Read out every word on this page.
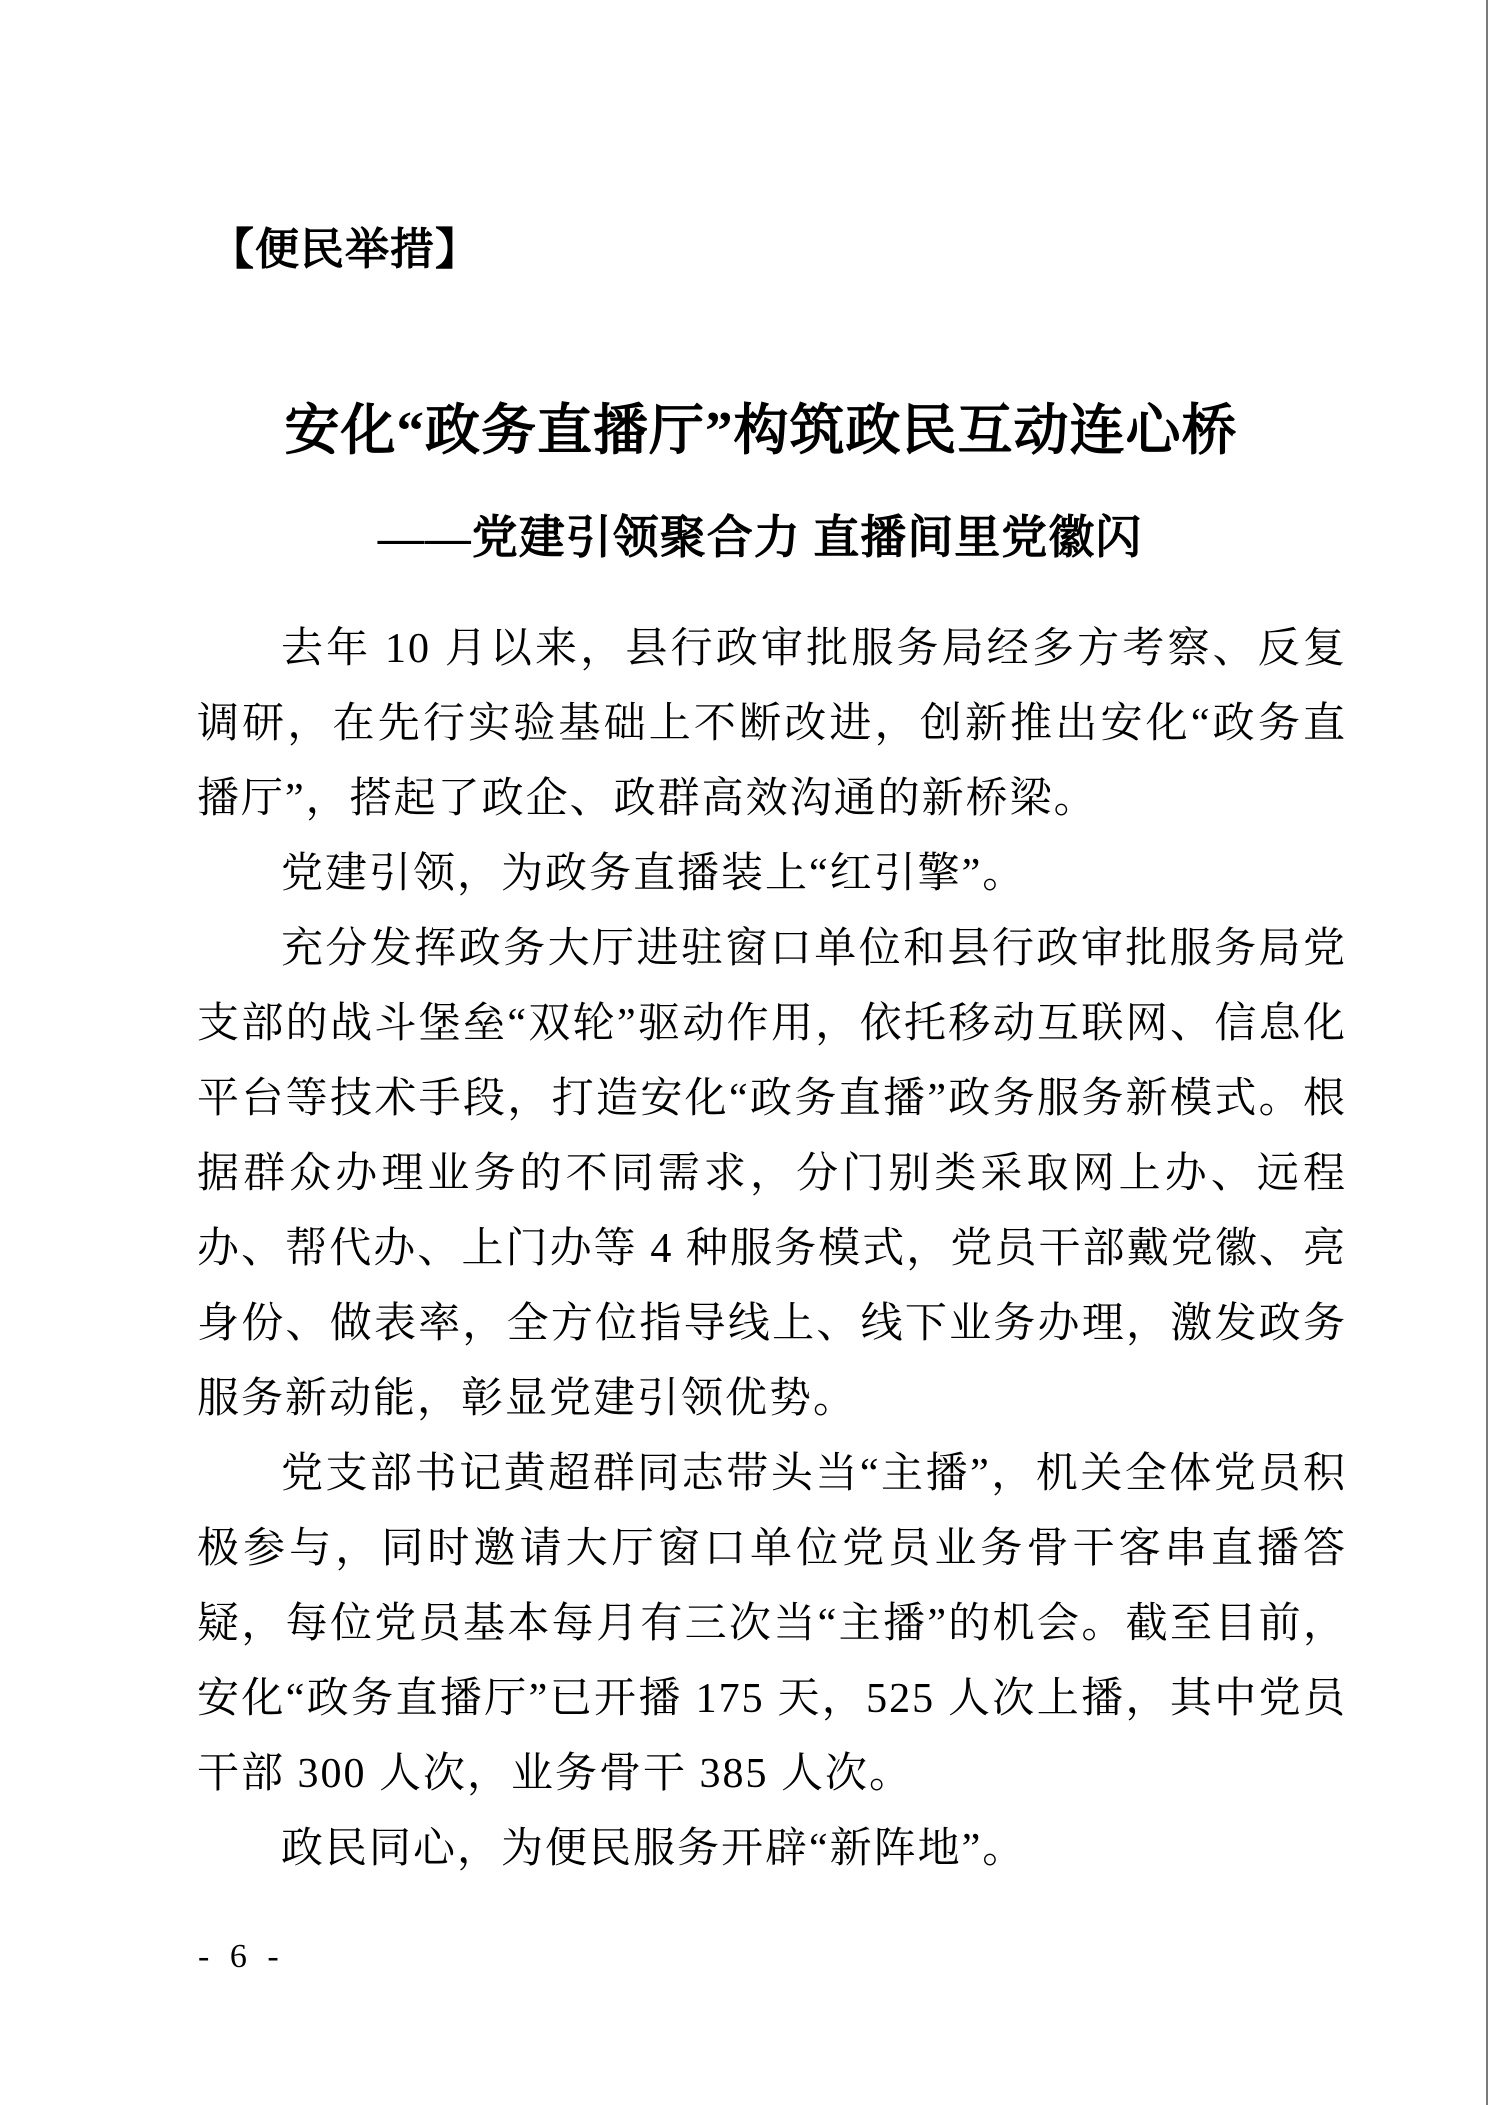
【便民举措】
安化“政务直播厅”构筑政民互动连心桥
——党建引领聚合力 直播间里党徽闪

去年 10 月以来，县行政审批服务局经多方考察、反复调研，在先行实验基础上不断改进，创新推出安化“政务直播厅”，搭起了政企、政群高效沟通的新桥梁。

党建引领，为政务直播装上“红引擎”。

充分发挥政务大厅进驻窗口单位和县行政审批服务局党支部的战斗堡垒“双轮”驱动作用，依托移动互联网、信息化平台等技术手段，打造安化“政务直播”政务服务新模式。根据群众办理业务的不同需求，分门别类采取网上办、远程办、帮代办、上门办等 4 种服务模式，党员干部戴党徽、亮身份、做表率，全方位指导线上、线下业务办理，激发政务服务新动能，彰显党建引领优势。

党支部书记黄超群同志带头当“主播”，机关全体党员积极参与，同时邀请大厅窗口单位党员业务骨干客串直播答疑，每位党员基本每月有三次当“主播”的机会。截至目前，安化“政务直播厅”已开播 175 天，525 人次上播，其中党员干部 300 人次，业务骨干 385 人次。

政民同心，为便民服务开辟“新阵地”。

- 6 -
